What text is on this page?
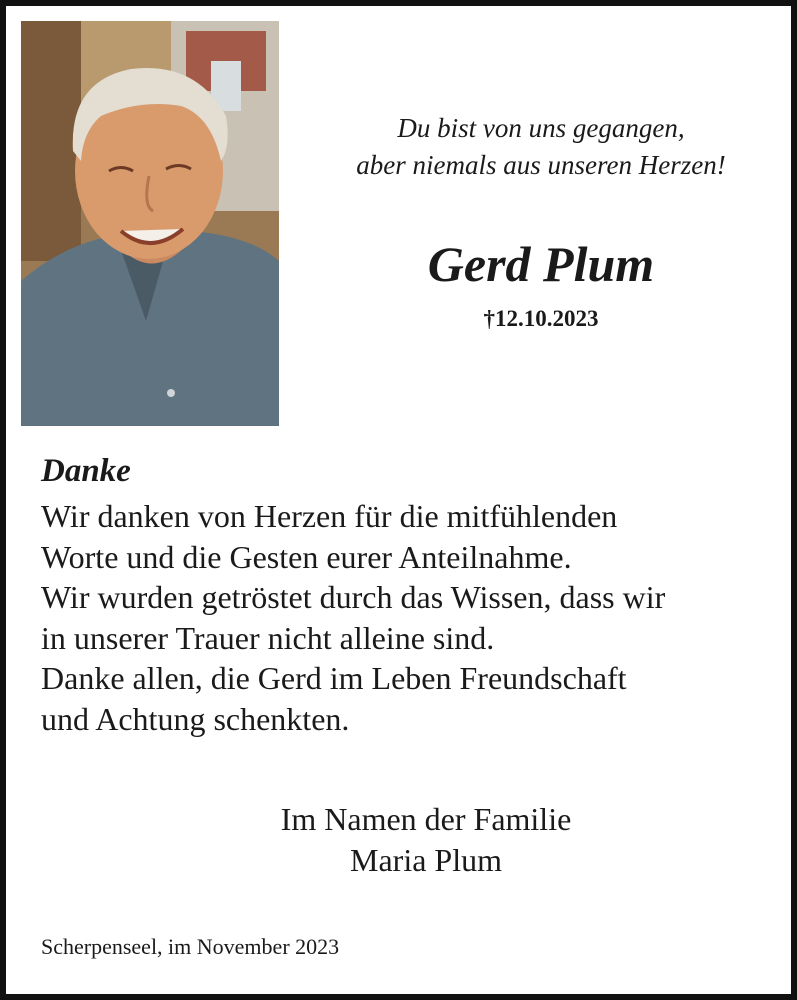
Du bist von uns gegangen,
aber niemals aus unseren Herzen!
Gerd Plum
†12.10.2023
Danke
Wir danken von Herzen für die mitfühlenden
Worte und die Gesten eurer Anteilnahme.
Wir wurden getröstet durch das Wissen, dass wir
in unserer Trauer nicht alleine sind.
Danke allen, die Gerd im Leben Freundschaft
und Achtung schenkten.
Im Namen der Familie
Maria Plum
Scherpenseel, im November 2023
